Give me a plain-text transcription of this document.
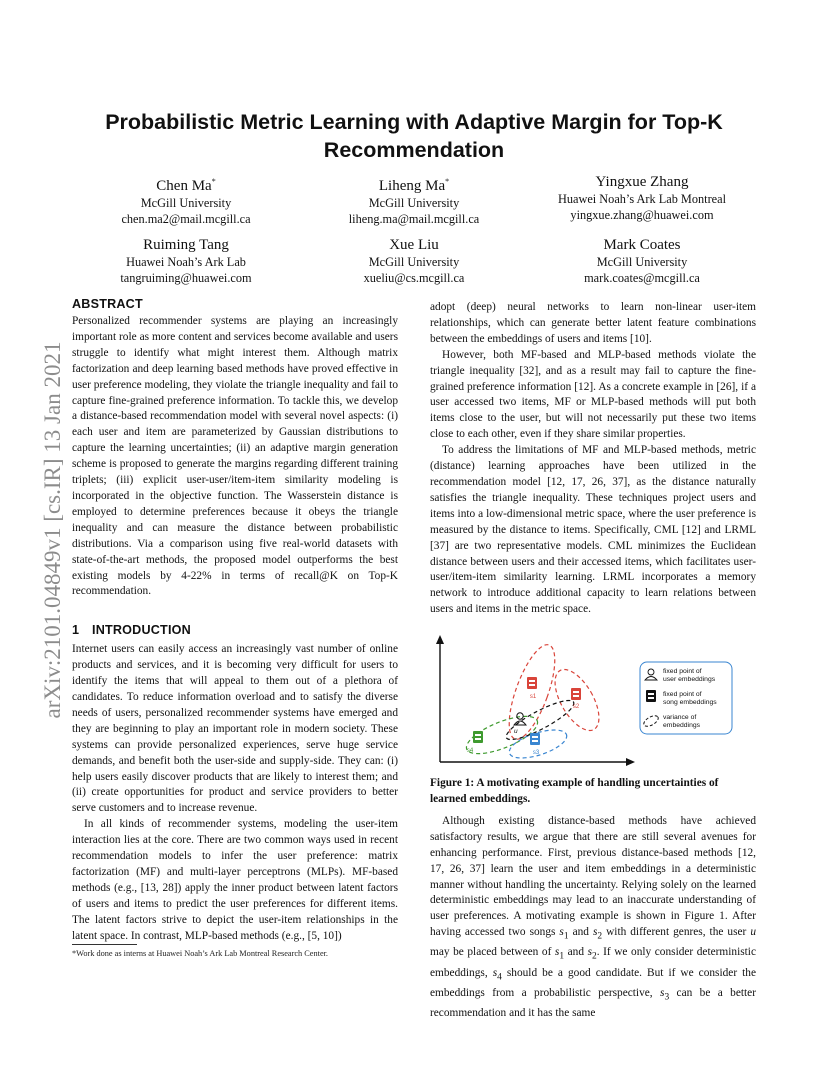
arXiv:2101.04849v1 [cs.IR] 13 Jan 2021
Probabilistic Metric Learning with Adaptive Margin for Top-K Recommendation
Chen Ma*
McGill University
chen.ma2@mail.mcgill.ca
Liheng Ma*
McGill University
liheng.ma@mail.mcgill.ca
Yingxue Zhang
Huawei Noah’s Ark Lab Montreal
yingxue.zhang@huawei.com
Ruiming Tang
Huawei Noah’s Ark Lab
tangruiming@huawei.com
Xue Liu
McGill University
xueliu@cs.mcgill.ca
Mark Coates
McGill University
mark.coates@mcgill.ca
ABSTRACT

Personalized recommender systems are playing an increasingly important role as more content and services become available and users struggle to identify what might interest them. Although matrix factorization and deep learning based methods have proved effective in user preference modeling, they violate the triangle inequality and fail to capture fine-grained preference information. To tackle this, we develop a distance-based recommendation model with several novel aspects: (i) each user and item are parameterized by Gaussian distributions to capture the learning uncertainties; (ii) an adaptive margin generation scheme is proposed to generate the margins regarding different training triplets; (iii) explicit user-user/item-item similarity modeling is incorporated in the objective function. The Wasserstein distance is employed to determine preferences because it obeys the triangle inequality and can measure the distance between probabilistic distributions. Via a comparison using five real-world datasets with state-of-the-art methods, the proposed model outperforms the best existing models by 4-22% in terms of recall@K on Top-K recommendation.

1 INTRODUCTION

Internet users can easily access an increasingly vast number of online products and services, and it is becoming very difficult for users to identify the items that will appeal to them out of a plethora of candidates. To reduce information overload and to satisfy the diverse needs of users, personalized recommender systems have emerged and they are beginning to play an important role in modern society. These systems can provide personalized experiences, serve huge service demands, and benefit both the user-side and supply-side. They can: (i) help users easily discover products that are likely to interest them; and (ii) create opportunities for product and service providers to better serve customers and to increase revenue.

In all kinds of recommender systems, modeling the user-item interaction lies at the core. There are two common ways used in recent recommendation models to infer the user preference: matrix factorization (MF) and multi-layer perceptrons (MLPs). MF-based methods (e.g., [13, 28]) apply the inner product between latent factors of users and items to predict the user preferences for different items. The latent factors strive to depict the user-item relationships in the latent space. In contrast, MLP-based methods (e.g., [5, 10])

adopt (deep) neural networks to learn non-linear user-item relationships, which can generate better latent feature combinations between the embeddings of users and items [10].

However, both MF-based and MLP-based methods violate the triangle inequality [32], and as a result may fail to capture the fine-grained preference information [12]. As a concrete example in [26], if a user accessed two items, MF or MLP-based methods will put both items close to the user, but will not necessarily put these two items close to each other, even if they share similar properties.

To address the limitations of MF and MLP-based methods, metric (distance) learning approaches have been utilized in the recommendation model [12, 17, 26, 37], as the distance naturally satisfies the triangle inequality. These techniques project users and items into a low-dimensional metric space, where the user preference is measured by the distance to items. Specifically, CML [12] and LRML [37] are two representative models. CML minimizes the Euclidean distance between users and their accessed items, which facilitates user-user/item-item similarity learning. LRML incorporates a memory network to introduce additional capacity to learn relations between users and items in the metric space.

s1
s2
s4	s3
u
fixed point of
user embeddings
fixed point of
song embeddings
variance of
embeddings
Figure 1: A motivating example of handling uncertainties of learned embeddings.

Although existing distance-based methods have achieved satisfactory results, we argue that there are still several avenues for enhancing performance. First, previous distance-based methods [12, 17, 26, 37] learn the user and item embeddings in a deterministic manner without handling the uncertainty. Relying solely on the learned deterministic embeddings may lead to an inaccurate understanding of user preferences. A motivating example is shown in Figure 1. After having accessed two songs $s_1$ and $s_2$ with different genres, the user u may be placed between of $s_1$ and $s_2$. If we only consider deterministic embeddings, $s_4$ should be a good candidate. But if we consider the embeddings from a probabilistic perspective, $s_3$ can be a better recommendation and it has the same

*Work done as interns at Huawei Noah’s Ark Lab Montreal Research Center.
